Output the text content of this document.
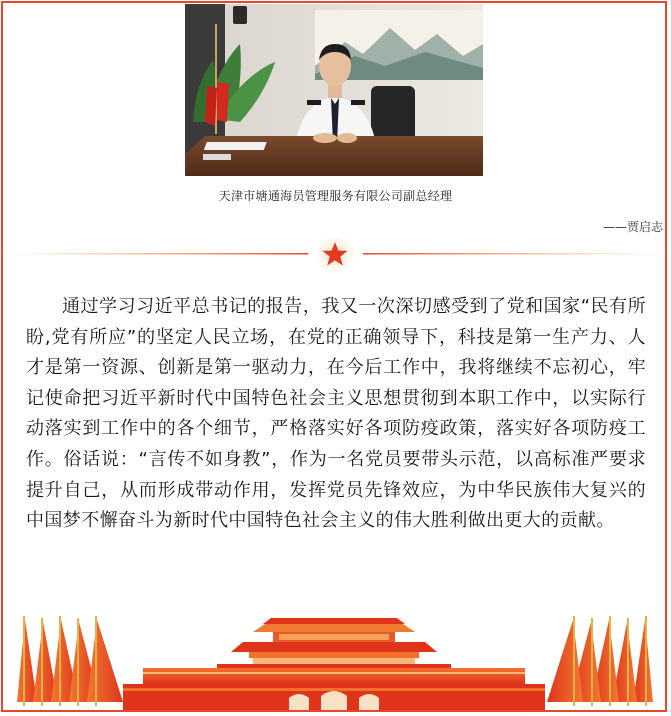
天津市塘通海员管理服务有限公司副总经理
——贾启志
通过学习习近平总书记的报告，我又一次深切感受到了党和国家“民有所盼,党有所应”的坚定人民立场，在党的正确领导下，科技是第一生产力、人才是第一资源、创新是第一驱动力，在今后工作中，我将继续不忘初心，牢记使命把习近平新时代中国特色社会主义思想贯彻到本职工作中，以实际行动落实到工作中的各个细节，严格落实好各项防疫政策，落实好各项防疫工作。俗话说：“言传不如身教”，作为一名党员要带头示范，以高标准严要求提升自己，从而形成带动作用，发挥党员先锋效应，为中华民族伟大复兴的中国梦不懈奋斗为新时代中国特色社会主义的伟大胜利做出更大的贡献。
